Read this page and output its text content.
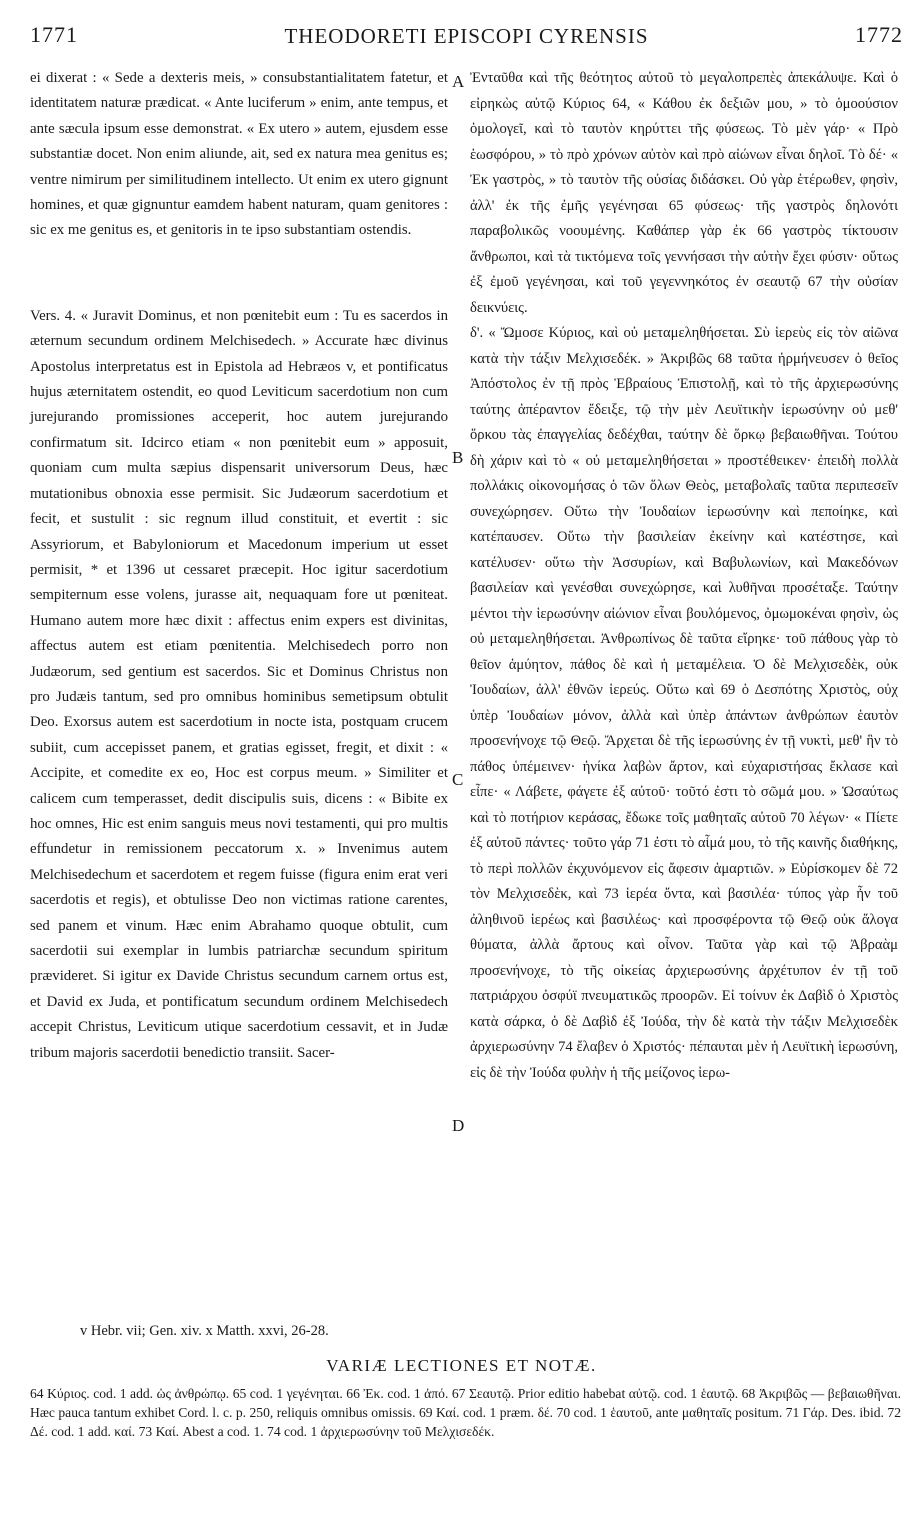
1771	THEODORETI EPISCOPI CYRENSIS	1772

ei dixerat : « Sede a dexteris meis, » consubstantialitatem fatetur, et identitatem naturæ prædicat. « Ante luciferum » enim, ante tempus, et ante sæcula ipsum esse demonstrat. « Ex utero » autem, ejusdem esse substantiæ docet. Non enim aliunde, ait, sed ex natura mea genitus es; ventre nimirum per similitudinem intellecto. Ut enim ex utero gignunt homines, et quæ gignuntur eamdem habent naturam, quam genitores : sic ex me genitus es, et genitoris in te ipso substantiam ostendis.

Vers. 4. « Juravit Dominus, et non pœnitebit eum : Tu es sacerdos in æternum secundum ordinem Melchisedech. » Accurate hæc divinus Apostolus interpretatus est in Epistola ad Hebræos v, et pontificatus hujus æternitatem ostendit, eo quod Leviticum sacerdotium non cum jurejurando promissiones acceperit, hoc autem jurejurando confirmatum sit. Idcirco etiam « non pœnitebit eum » apposuit, quoniam cum multa sæpius dispensarit universorum Deus, hæc mutationibus obnoxia esse permisit. Sic Judæorum sacerdotium et fecit, et sustulit : sic regnum illud constituit, et evertit : sic Assyriorum, et Babyloniorum et Macedonum imperium ut esset permisit, * et 1396 ut cessaret præcepit. Hoc igitur sacerdotium sempiternum esse volens, jurasse ait, nequaquam fore ut pœniteat. Humano autem more hæc dixit : affectus enim expers est divinitas, affectus autem est etiam pœnitentia. Melchisedech porro non Judæorum, sed gentium est sacerdos. Sic et Dominus Christus non pro Judæis tantum, sed pro omnibus hominibus semetipsum obtulit Deo. Exorsus autem est sacerdotium in nocte ista, postquam crucem subiit, cum accepisset panem, et gratias egisset, fregit, et dixit : « Accipite, et comedite ex eo, Hoc est corpus meum. » Similiter et calicem cum temperasset, dedit discipulis suis, dicens : « Bibite ex hoc omnes, Hic est enim sanguis meus novi testamenti, qui pro multis effundetur in remissionem peccatorum x. » Invenimus autem Melchisedechum et sacerdotem et regem fuisse (figura enim erat veri sacerdotis et regis), et obtulisse Deo non victimas ratione carentes, sed panem et vinum. Hæc enim Abrahamo quoque obtulit, cum sacerdotii sui exemplar in lumbis patriarchæ secundum spiritum prævideret. Si igitur ex Davide Christus secundum carnem ortus est, et David ex Juda, et pontificatum secundum ordinem Melchisedech accepit Christus, Leviticum utique sacerdotium cessavit, et in Judæ tribum majoris sacerdotii benedictio transiit. Sacer-

A
B
C
D

Ἐνταῦθα καὶ τῆς θεότητος αὐτοῦ τὸ μεγαλοπρεπὲς ἀπεκάλυψε. Καὶ ὁ εἰρηκὼς αὐτῷ Κύριος 64, « Κάθου ἐκ δεξιῶν μου, » τὸ ὁμοούσιον ὁμολογεῖ, καὶ τὸ ταυτὸν κηρύττει τῆς φύσεως. Τὸ μὲν γάρ· « Πρὸ ἑωσφόρου, » τὸ πρὸ χρόνων αὐτὸν καὶ πρὸ αἰώνων εἶναι δηλοῖ. Τὸ δέ· « Ἐκ γαστρὸς, » τὸ ταυτὸν τῆς οὐσίας διδάσκει. Οὐ γὰρ ἑτέρωθεν, φησὶν, ἀλλ' ἐκ τῆς ἐμῆς γεγένησαι 65 φύσεως· τῆς γαστρὸς δηλονότι παραβολικῶς νοουμένης. Καθάπερ γὰρ ἐκ 66 γαστρὸς τίκτουσιν ἄνθρωποι, καὶ τὰ τικτόμενα τοῖς γεννήσασι τὴν αὐτὴν ἔχει φύσιν· οὕτως ἐξ ἐμοῦ γεγένησαι, καὶ τοῦ γεγεννηκότος ἐν σεαυτῷ 67 τὴν οὐσίαν δεικνύεις.

δ'. « Ὤμοσε Κύριος, καὶ οὐ μεταμεληθήσεται. Σὺ ἱερεὺς εἰς τὸν αἰῶνα κατὰ τὴν τάξιν Μελχισεδέκ. » Ἀκριβῶς 68 ταῦτα ἡρμήνευσεν ὁ θεῖος Ἀπόστολος ἐν τῇ πρὸς Ἑβραίους Ἐπιστολῇ, καὶ τὸ τῆς ἀρχιερωσύνης ταύτης ἀπέραντον ἔδειξε, τῷ τὴν μὲν Λευϊτικὴν ἱερωσύνην οὐ μεθ' ὅρκου τὰς ἐπαγγελίας δεδέχθαι, ταύτην δὲ ὅρκῳ βεβαιωθῆναι. Τούτου δὴ χάριν καὶ τὸ « οὐ μεταμεληθήσεται » προστέθεικεν· ἐπειδὴ πολλὰ πολλάκις οἰκονομήσας ὁ τῶν ὅλων Θεὸς, μεταβολαῖς ταῦτα περιπεσεῖν συνεχώρησεν. Οὕτω τὴν Ἰουδαίων ἱερωσύνην καὶ πεποίηκε, καὶ κατέπαυσεν. Οὕτω τὴν βασιλείαν ἐκείνην καὶ κατέστησε, καὶ κατέλυσεν· οὕτω τὴν Ἀσσυρίων, καὶ Βαβυλωνίων, καὶ Μακεδόνων βασιλείαν καὶ γενέσθαι συνεχώρησε, καὶ λυθῆναι προσέταξε. Ταύτην μέντοι τὴν ἱερωσύνην αἰώνιον εἶναι βουλόμενος, ὀμωμοκέναι φησὶν, ὡς οὐ μεταμεληθήσεται. Ἀνθρωπίνως δὲ ταῦτα εἴρηκε· τοῦ πάθους γὰρ τὸ θεῖον ἀμύητον, πάθος δὲ καὶ ἡ μεταμέλεια. Ὁ δὲ Μελχισεδὲκ, οὐκ Ἰουδαίων, ἀλλ' ἐθνῶν ἱερεύς. Οὕτω καὶ 69 ὁ Δεσπότης Χριστὸς, οὐχ ὑπὲρ Ἰουδαίων μόνον, ἀλλὰ καὶ ὑπὲρ ἁπάντων ἀνθρώπων ἑαυτὸν προσενήνοχε τῷ Θεῷ. Ἄρχεται δὲ τῆς ἱερωσύνης ἐν τῇ νυκτὶ, μεθ' ἣν τὸ πάθος ὑπέμεινεν· ἡνίκα λαβὼν ἄρτον, καὶ εὐχαριστήσας ἔκλασε καὶ εἶπε· « Λάβετε, φάγετε ἐξ αὐτοῦ· τοῦτό ἐστι τὸ σῶμά μου. » Ὡσαύτως καὶ τὸ ποτήριον κεράσας, ἔδωκε τοῖς μαθηταῖς αὐτοῦ 70 λέγων· « Πίετε ἐξ αὐτοῦ πάντες· τοῦτο γάρ 71 ἐστι τὸ αἷμά μου, τὸ τῆς καινῆς διαθήκης, τὸ περὶ πολλῶν ἐκχυνόμενον εἰς ἄφεσιν ἁμαρτιῶν. » Εὑρίσκομεν δὲ 72 τὸν Μελχισεδὲκ, καὶ 73 ἱερέα ὄντα, καὶ βασιλέα· τύπος γὰρ ἦν τοῦ ἀληθινοῦ ἱερέως καὶ βασιλέως· καὶ προσφέροντα τῷ Θεῷ οὐκ ἄλογα θύματα, ἀλλὰ ἄρτους καὶ οἶνον. Ταῦτα γὰρ καὶ τῷ Ἀβραὰμ προσενήνοχε, τὸ τῆς οἰκείας ἀρχιερωσύνης ἀρχέτυπον ἐν τῇ τοῦ πατριάρχου ὀσφύϊ πνευματικῶς προορῶν. Εἰ τοίνυν ἐκ Δαβὶδ ὁ Χριστὸς κατὰ σάρκα, ὁ δὲ Δαβὶδ ἐξ Ἰούδα, τὴν δὲ κατὰ τὴν τάξιν Μελχισεδὲκ ἀρχιερωσύνην 74 ἔλαβεν ὁ Χριστός· πέπαυται μὲν ἡ Λευϊτικὴ ἱερωσύνη, εἰς δὲ τὴν Ἰούδα φυλὴν ἡ τῆς μείζονος ἱερω-

v Hebr. vii; Gen. xiv. x Matth. xxvi, 26-28.
VARIÆ LECTIONES ET NOTÆ.

64 Κύριος. cod. 1 add. ὡς ἀνθρώπῳ. 65 cod. 1 γεγένηται. 66 Ἐκ. cod. 1 ἀπό. 67 Σεαυτῷ. Prior editio habebat αὐτῷ. cod. 1 ἑαυτῷ. 68 Ἀκριβῶς — βεβαιωθῆναι. Hæc pauca tantum exhibet Cord. l. c. p. 250, reliquis omnibus omissis. 69 Καί. cod. 1 præm. δέ. 70 cod. 1 ἑαυτοῦ, ante μαθηταῖς positum. 71 Γάρ. Des. ibid. 72 Δέ. cod. 1 add. καί. 73 Καί. Abest a cod. 1. 74 cod. 1 ἀρχιερωσύνην τοῦ Μελχισεδέκ.
